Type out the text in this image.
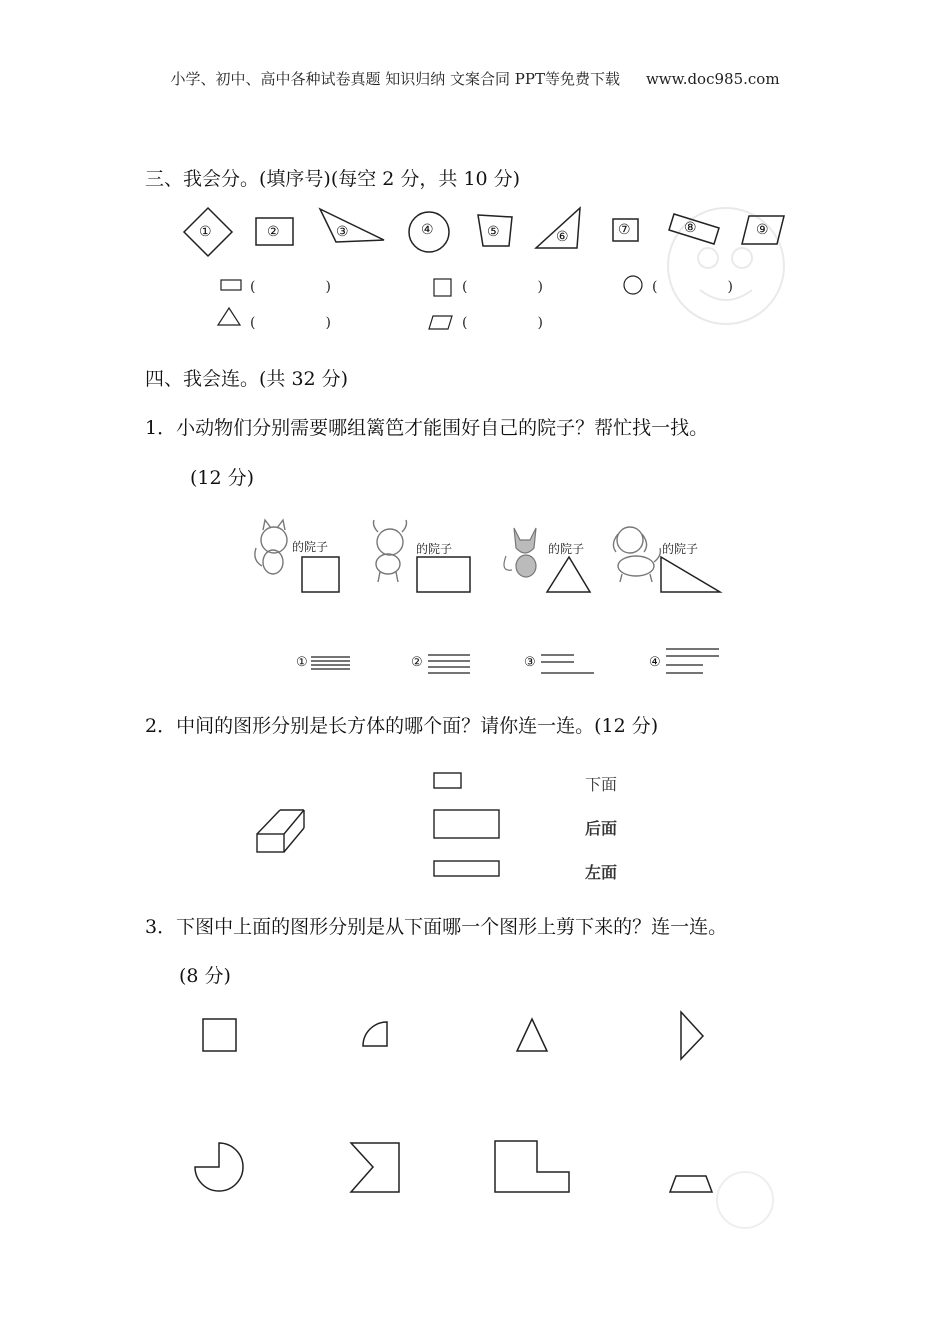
小学、初中、高中各种试卷真题 知识归纳 文案合同 PPT等免费下载 www.doc985.com
三、我会分。(填序号)(每空 2 分，共 10 分)
①	②	③	④	⑤	⑥	⑦	⑧	⑨
(　　　　　)	(　　　　　)	(　　　　　)
(　　　　　)	(　　　　　)
四、我会连。(共 32 分)
1．小动物们分别需要哪组篱笆才能围好自己的院子？帮忙找一找。
(12 分)
的院子	的院子	的院子	的院子
①	②	③	④
2．中间的图形分别是长方体的哪个面？请你连一连。(12 分)
下面
后面
左面
3．下图中上面的图形分别是从下面哪一个图形上剪下来的？连一连。
(8 分)
